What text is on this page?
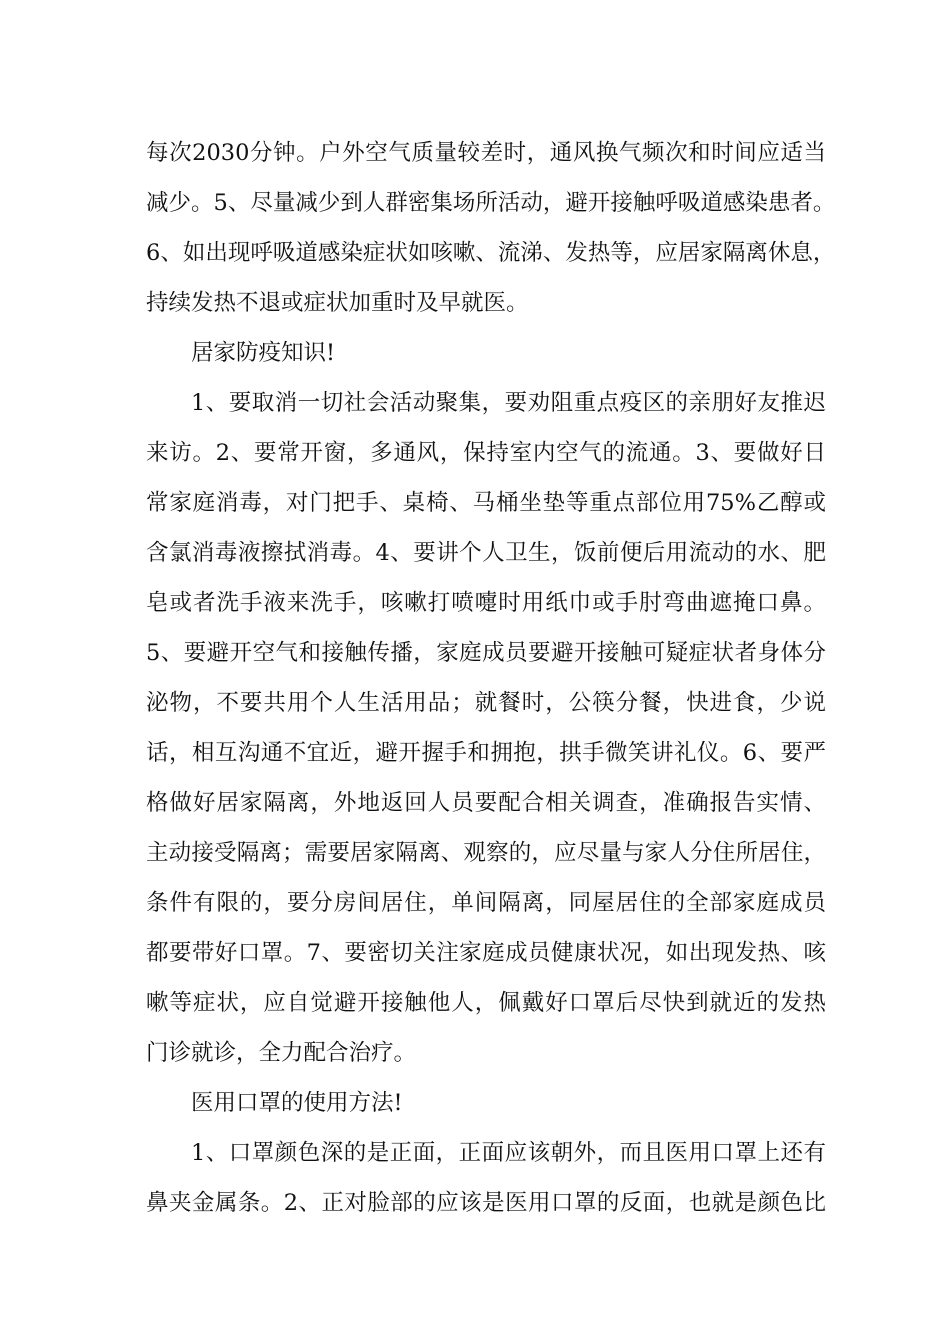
每次2030分钟。户外空气质量较差时，通风换气频次和时间应适当
减少。5、尽量减少到人群密集场所活动，避开接触呼吸道感染患者。
6、如出现呼吸道感染症状如咳嗽、流涕、发热等，应居家隔离休息，
持续发热不退或症状加重时及早就医。
居家防疫知识!
1、要取消一切社会活动聚集，要劝阻重点疫区的亲朋好友推迟
来访。2、要常开窗，多通风，保持室内空气的流通。3、要做好日
常家庭消毒，对门把手、桌椅、马桶坐垫等重点部位用75%乙醇或
含氯消毒液擦拭消毒。4、要讲个人卫生，饭前便后用流动的水、肥
皂或者洗手液来洗手，咳嗽打喷嚏时用纸巾或手肘弯曲遮掩口鼻。
5、要避开空气和接触传播，家庭成员要避开接触可疑症状者身体分
泌物，不要共用个人生活用品；就餐时，公筷分餐，快进食，少说
话，相互沟通不宜近，避开握手和拥抱，拱手微笑讲礼仪。6、要严
格做好居家隔离，外地返回人员要配合相关调查，准确报告实情、
主动接受隔离；需要居家隔离、观察的，应尽量与家人分住所居住，
条件有限的，要分房间居住，单间隔离，同屋居住的全部家庭成员
都要带好口罩。7、要密切关注家庭成员健康状况，如出现发热、咳
嗽等症状，应自觉避开接触他人，佩戴好口罩后尽快到就近的发热
门诊就诊，全力配合治疗。
医用口罩的使用方法!
1、口罩颜色深的是正面，正面应该朝外，而且医用口罩上还有
鼻夹金属条。2、正对脸部的应该是医用口罩的反面，也就是颜色比
